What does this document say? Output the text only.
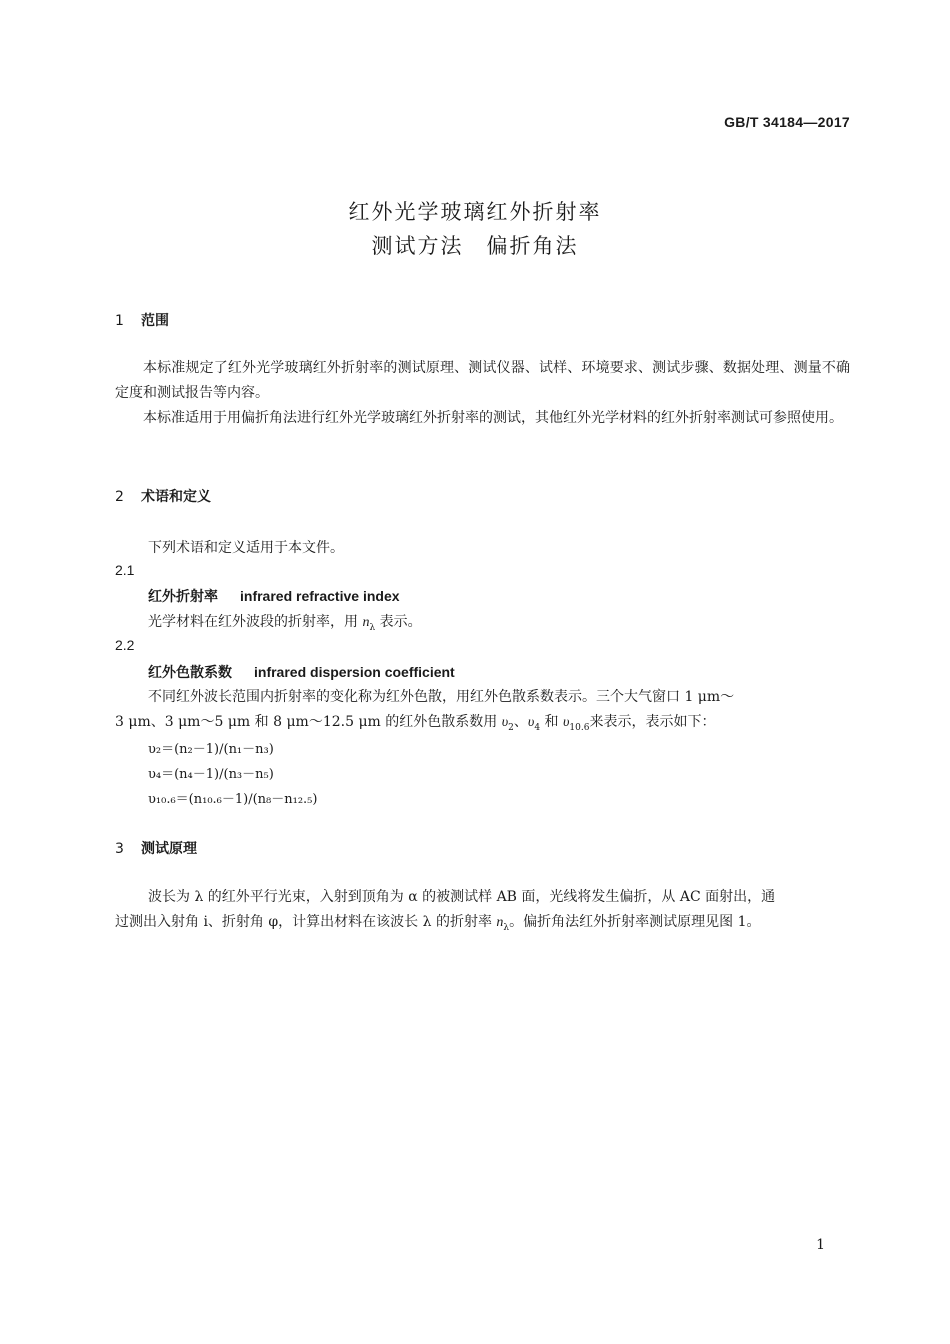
GB/T 34184—2017
红外光学玻璃红外折射率
测试方法　偏折角法
1 范围
本标准规定了红外光学玻璃红外折射率的测试原理、测试仪器、试样、环境要求、测试步骤、数据处理、测量不确定度和测试报告等内容。
本标准适用于用偏折角法进行红外光学玻璃红外折射率的测试，其他红外光学材料的红外折射率测试可参照使用。
2 术语和定义
下列术语和定义适用于本文件。
2.1
红外折射率 infrared refractive index
光学材料在红外波段的折射率，用 $n_\lambda$ 表示。
2.2
红外色散系数 infrared dispersion coefficient
不同红外波长范围内折射率的变化称为红外色散，用红外色散系数表示。三个大气窗口 1 μm～
3 μm、3 μm～5 μm 和 8 μm～12.5 μm 的红外色散系数用 $\upsilon_2$、$\upsilon_4$ 和 $\upsilon_{10.6}$来表示，表示如下：
υ₂＝(n₂－1)/(n₁－n₃)
υ₄＝(n₄－1)/(n₃－n₅)
υ₁₀.₆＝(n₁₀.₆－1)/(n₈－n₁₂.₅)
3 测试原理
波长为 λ 的红外平行光束，入射到顶角为 α 的被测试样 AB 面，光线将发生偏折，从 AC 面射出，通
过测出入射角 i、折射角 φ，计算出材料在该波长 λ 的折射率 $n_\lambda$。偏折角法红外折射率测试原理见图 1。
1
